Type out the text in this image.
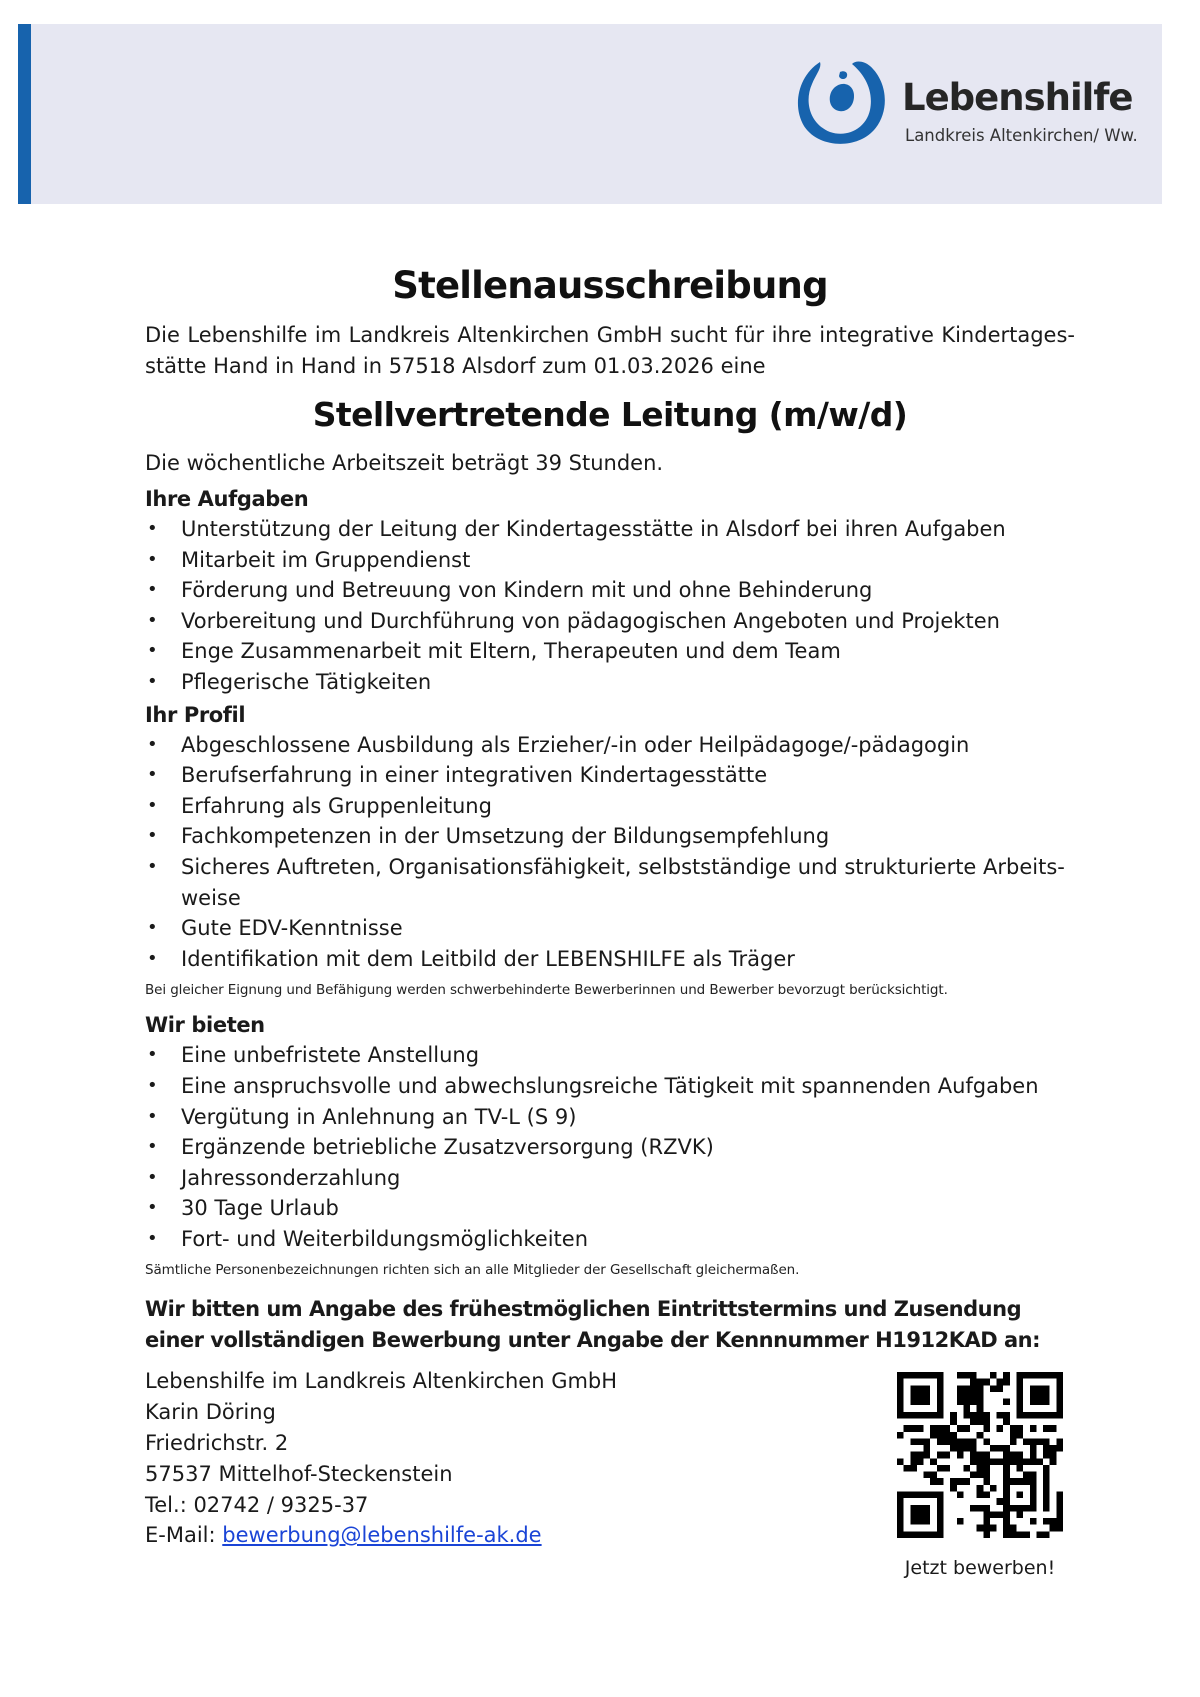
Lebenshilfe
Landkreis Altenkirchen/ Ww.
Stellenausschreibung

Die Lebenshilfe im Landkreis Altenkirchen GmbH sucht für ihre integrative Kindertagesstätte Hand in Hand in 57518 Alsdorf zum 01.03.2026 eine

Stellvertretende Leitung (m/w/d)

Die wöchentliche Arbeitszeit beträgt 39 Stunden.

Ihre Aufgaben
• Unterstützung der Leitung der Kindertagesstätte in Alsdorf bei ihren Aufgaben
• Mitarbeit im Gruppendienst
• Förderung und Betreuung von Kindern mit und ohne Behinderung
• Vorbereitung und Durchführung von pädagogischen Angeboten und Projekten
• Enge Zusammenarbeit mit Eltern, Therapeuten und dem Team
• Pflegerische Tätigkeiten
Ihr Profil
• Abgeschlossene Ausbildung als Erzieher/-in oder Heilpädagoge/-pädagogin
• Berufserfahrung in einer integrativen Kindertagesstätte
• Erfahrung als Gruppenleitung
• Fachkompetenzen in der Umsetzung der Bildungsempfehlung
• Sicheres Auftreten, Organisationsfähigkeit, selbstständige und strukturierte Arbeitsweise
• Gute EDV-Kenntnisse
• Identifikation mit dem Leitbild der LEBENSHILFE als Träger

Bei gleicher Eignung und Befähigung werden schwerbehinderte Bewerberinnen und Bewerber bevorzugt berücksichtigt.

Wir bieten
• Eine unbefristete Anstellung
• Eine anspruchsvolle und abwechslungsreiche Tätigkeit mit spannenden Aufgaben
• Vergütung in Anlehnung an TV-L (S 9)
• Ergänzende betriebliche Zusatzversorgung (RZVK)
• Jahressonderzahlung
• 30 Tage Urlaub
• Fort- und Weiterbildungsmöglichkeiten

Sämtliche Personenbezeichnungen richten sich an alle Mitglieder der Gesellschaft gleichermaßen.

Wir bitten um Angabe des frühestmöglichen Eintrittstermins und Zusendung einer vollständigen Bewerbung unter Angabe der Kennnummer H1912KAD an:

Lebenshilfe im Landkreis Altenkirchen GmbH
Karin Döring
Friedrichstr. 2
57537 Mittelhof-Steckenstein
Tel.: 02742 / 9325-37
E-Mail: bewerbung@lebenshilfe-ak.de
Jetzt bewerben!
